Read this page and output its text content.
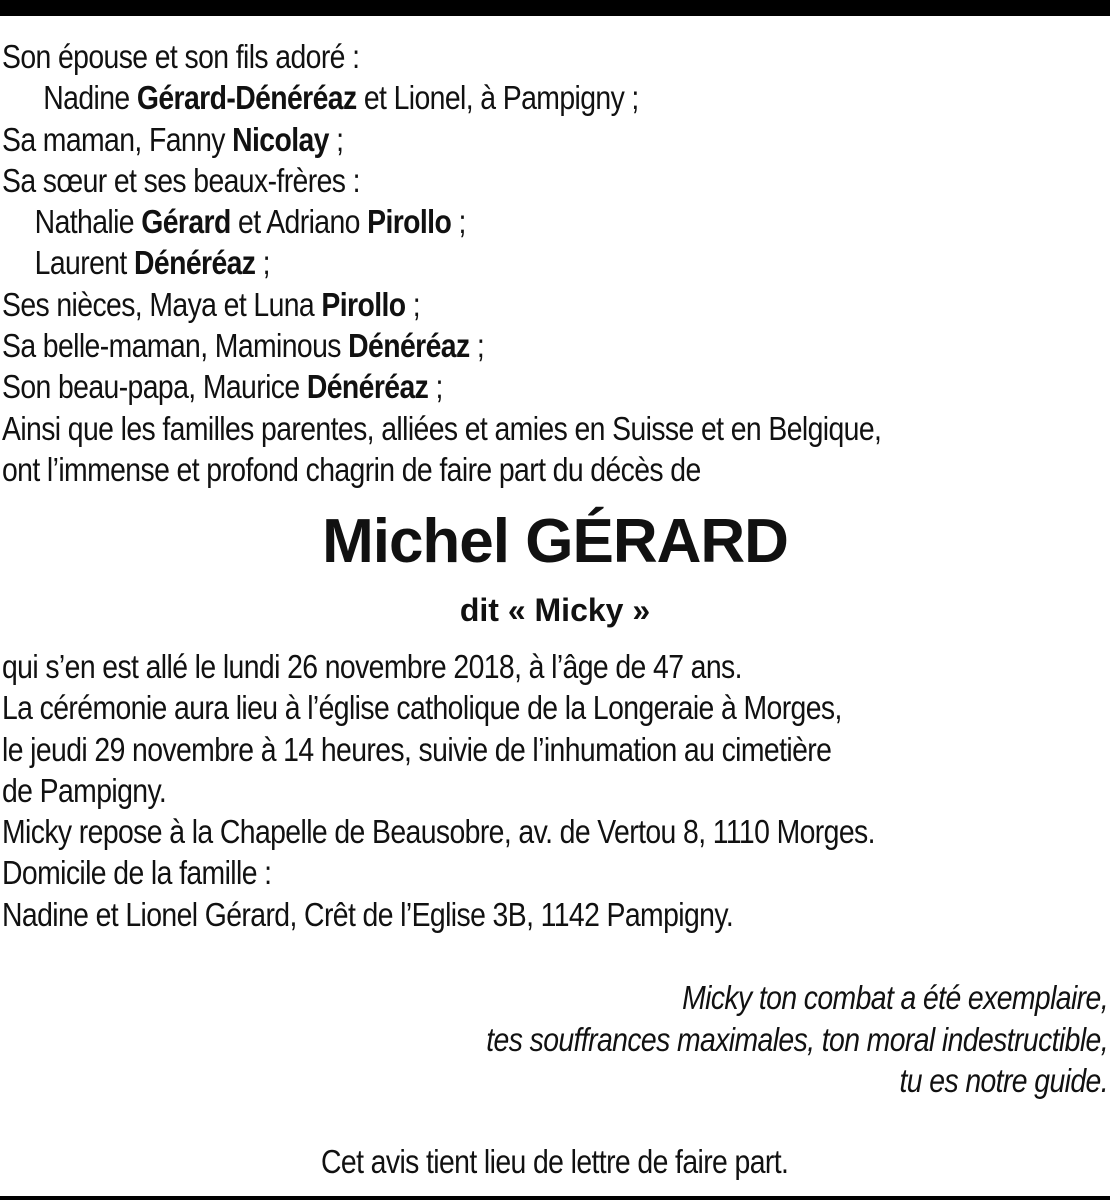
Son épouse et son fils adoré :
Nadine Gérard-Dénéréaz et Lionel, à Pampigny ;
Sa maman, Fanny Nicolay ;
Sa sœur et ses beaux-frères :
Nathalie Gérard et Adriano Pirollo ;
Laurent Dénéréaz ;
Ses nièces, Maya et Luna Pirollo ;
Sa belle-maman, Maminous Dénéréaz ;
Son beau-papa, Maurice Dénéréaz ;
Ainsi que les familles parentes, alliées et amies en Suisse et en Belgique,
ont l’immense et profond chagrin de faire part du décès de
Michel GÉRARD
dit « Micky »
qui s’en est allé le lundi 26 novembre 2018, à l’âge de 47 ans.
La cérémonie aura lieu à l’église catholique de la Longeraie à Morges,
le jeudi 29 novembre à 14 heures, suivie de l’inhumation au cimetière
de Pampigny.
Micky repose à la Chapelle de Beausobre, av. de Vertou 8, 1110 Morges.
Domicile de la famille :
Nadine et Lionel Gérard, Crêt de l’Eglise 3B, 1142 Pampigny.
Micky ton combat a été exemplaire,
tes souffrances maximales, ton moral indestructible,
tu es notre guide.
Cet avis tient lieu de lettre de faire part.
